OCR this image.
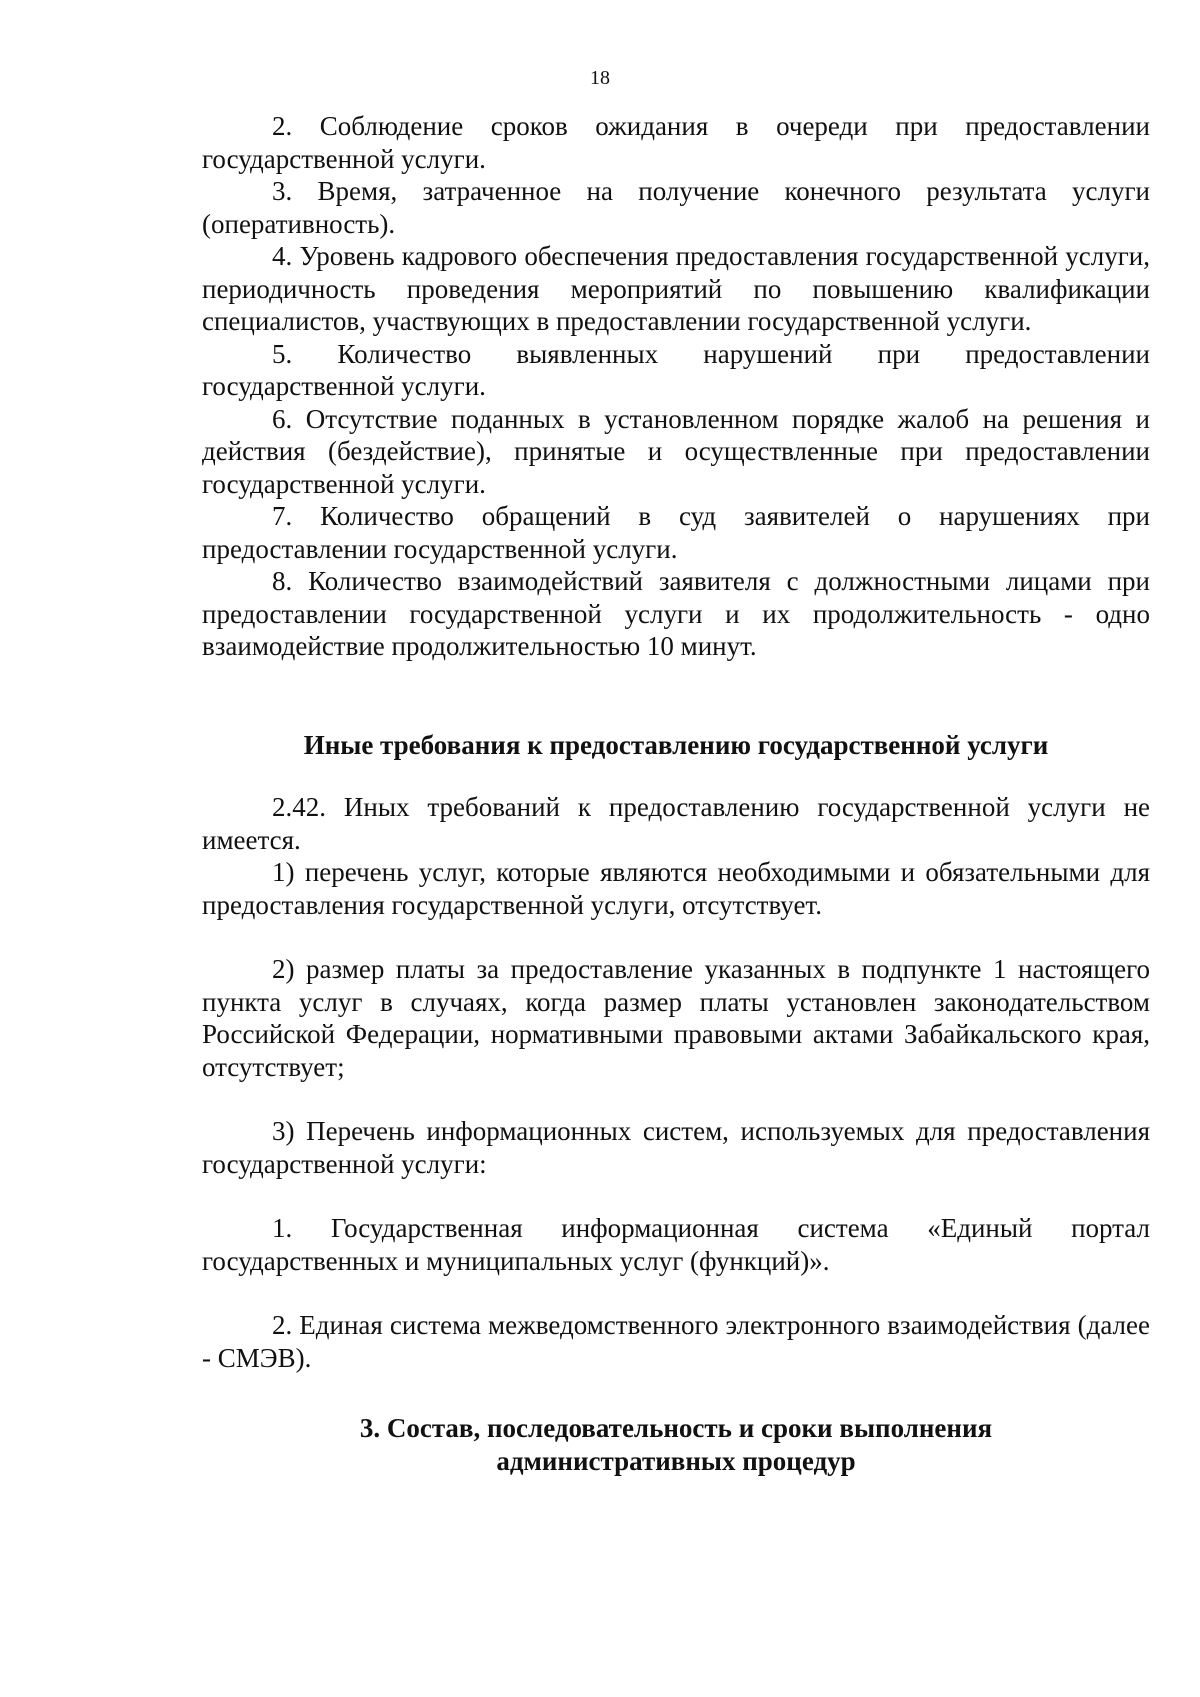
18

2. Соблюдение сроков ожидания в очереди при предоставлении государственной услуги.

3. Время, затраченное на получение конечного результата услуги (оперативность).

4. Уровень кадрового обеспечения предоставления государственной услуги, периодичность проведения мероприятий по повышению квалификации специалистов, участвующих в предоставлении государственной услуги.

5. Количество выявленных нарушений при предоставлении государственной услуги.

6. Отсутствие поданных в установленном порядке жалоб на решения и действия (бездействие), принятые и осуществленные при предоставлении государственной услуги.

7. Количество обращений в суд заявителей о нарушениях при предоставлении государственной услуги.

8. Количество взаимодействий заявителя с должностными лицами при предоставлении государственной услуги и их продолжительность - одно взаимодействие продолжительностью 10 минут.

Иные требования к предоставлению государственной услуги

2.42. Иных требований к предоставлению государственной услуги не имеется.

1) перечень услуг, которые являются необходимыми и обязательными для предоставления государственной услуги, отсутствует.

2) размер платы за предоставление указанных в подпункте 1 настоящего пункта услуг в случаях, когда размер платы установлен законодательством Российской Федерации, нормативными правовыми актами Забайкальского края, отсутствует;

3) Перечень информационных систем, используемых для предоставления государственной услуги:

1. Государственная информационная система «Единый портал государственных и муниципальных услуг (функций)».

2. Единая система межведомственного электронного взаимодействия (далее - СМЭВ).

3. Состав, последовательность и сроки выполнения
административных процедур
